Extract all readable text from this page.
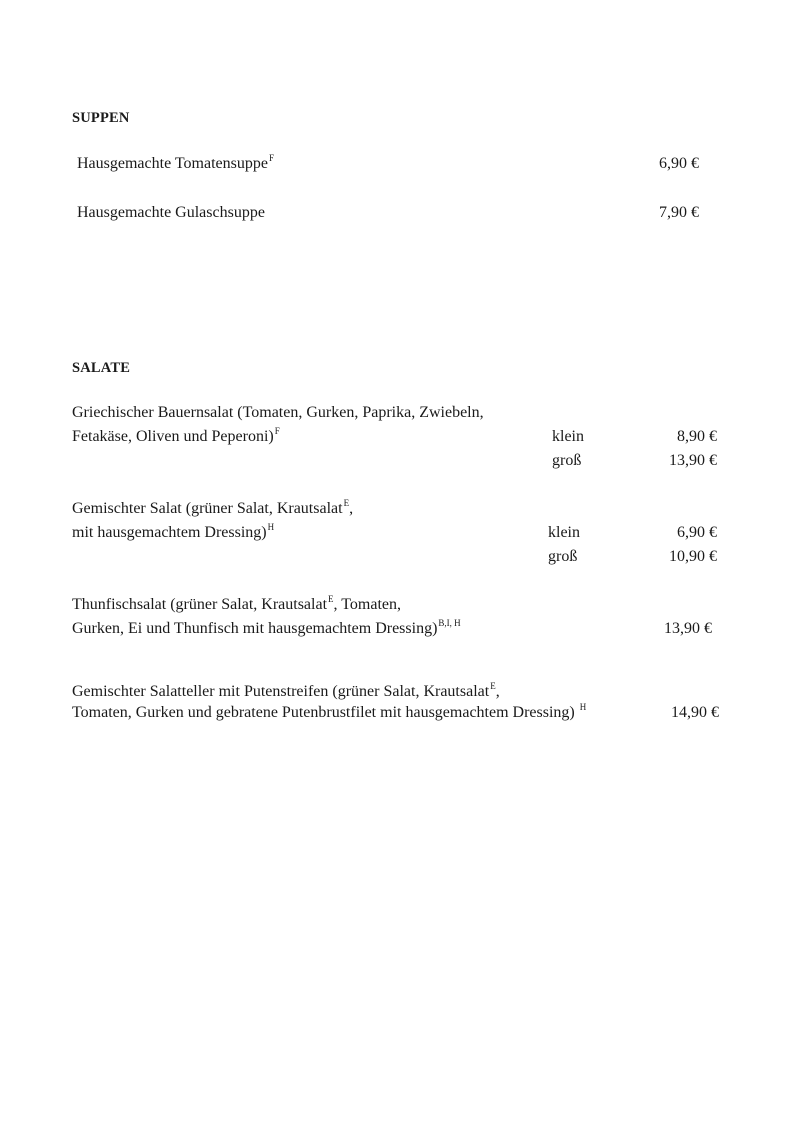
SUPPEN
Hausgemachte Tomatensuppe$^F$	6,90 €
Hausgemachte Gulaschsuppe	7,90 €
SALATE
Griechischer Bauernsalat (Tomaten, Gurken, Paprika, Zwiebeln,
Fetakäse, Oliven und Peperoni)$^F$	klein	8,90 €
groß	13,90 €
Gemischter Salat (grüner Salat, Krautsalat$^E$,
mit hausgemachtem Dressing)$^H$	klein	6,90 €
groß	10,90 €
Thunfischsalat (grüner Salat, Krautsalat$^E$, Tomaten,
Gurken, Ei und Thunfisch mit hausgemachtem Dressing)$^{B,I, H}$	13,90 €
Gemischter Salatteller mit Putenstreifen (grüner Salat, Krautsalat$^E$,
Tomaten, Gurken und gebratene Putenbrustfilet mit hausgemachtem Dressing) $^H$	14,90 €
